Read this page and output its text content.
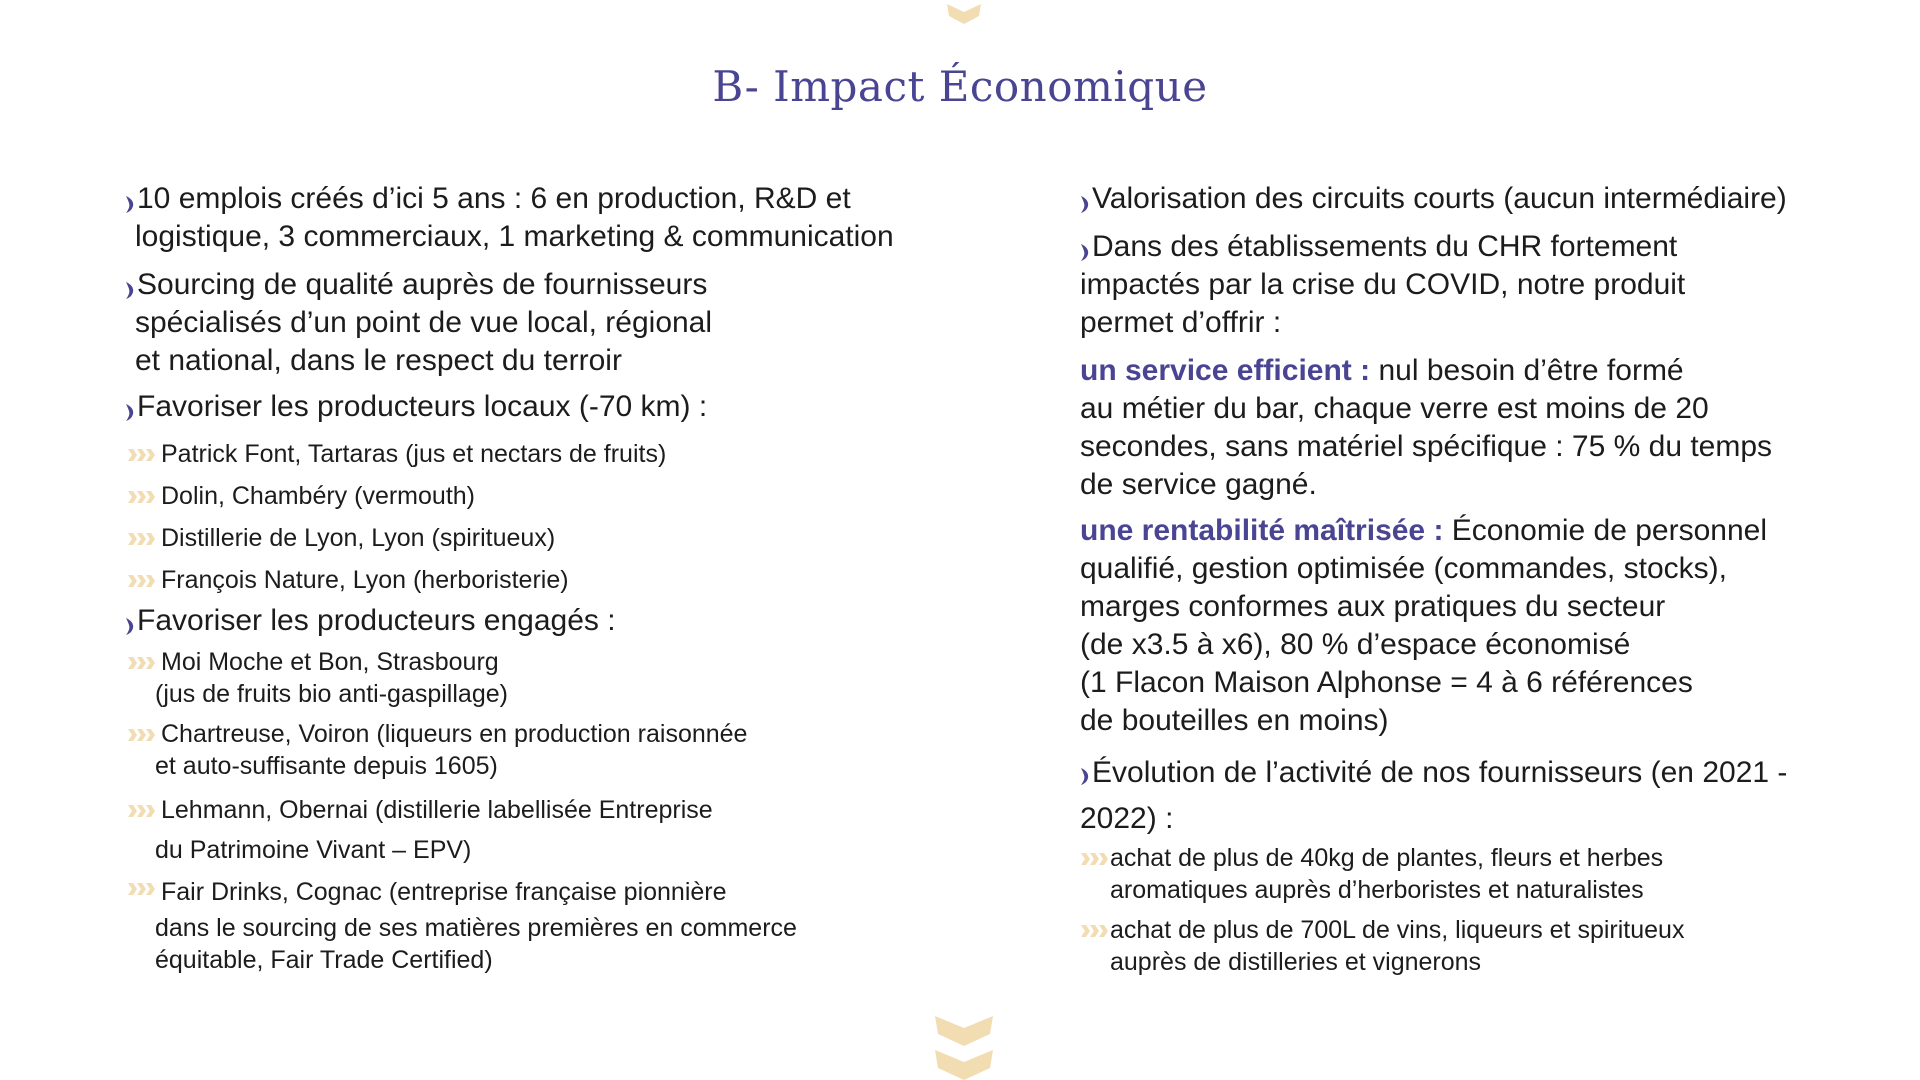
B- Impact Économique
10 emplois créés d’ici 5 ans : 6 en production, R&D et
logistique, 3 commerciaux, 1 marketing & communication
Sourcing de qualité auprès de fournisseurs
spécialisés d’un point de vue local, régional
et national, dans le respect du terroir
Favoriser les producteurs locaux (-70 km) :
Patrick Font, Tartaras (jus et nectars de fruits)
Dolin, Chambéry (vermouth)
Distillerie de Lyon, Lyon (spiritueux)
François Nature, Lyon (herboristerie)
Favoriser les producteurs engagés :
Moi Moche et Bon, Strasbourg
(jus de fruits bio anti-gaspillage)
Chartreuse, Voiron (liqueurs en production raisonnée
et auto-suffisante depuis 1605)
Lehmann, Obernai (distillerie labellisée Entreprise
du Patrimoine Vivant – EPV)
Fair Drinks, Cognac (entreprise française pionnière
dans le sourcing de ses matières premières en commerce
équitable, Fair Trade Certified)
Valorisation des circuits courts (aucun intermédiaire)
Dans des établissements du CHR fortement
impactés par la crise du COVID, notre produit
permet d’offrir :
un service efficient : nul besoin d’être formé
au métier du bar, chaque verre est moins de 20
secondes, sans matériel spécifique : 75 % du temps
de service gagné.
une rentabilité maîtrisée : Économie de personnel
qualifié, gestion optimisée (commandes, stocks),
marges conformes aux pratiques du secteur
(de x3.5 à x6), 80 % d’espace économisé
(1 Flacon Maison Alphonse = 4 à 6 références
de bouteilles en moins)
Évolution de l’activité de nos fournisseurs (en 2021 -
2022) :
achat de plus de 40kg de plantes, fleurs et herbes
aromatiques auprès d’herboristes et naturalistes
achat de plus de 700L de vins, liqueurs et spiritueux
auprès de distilleries et vignerons
